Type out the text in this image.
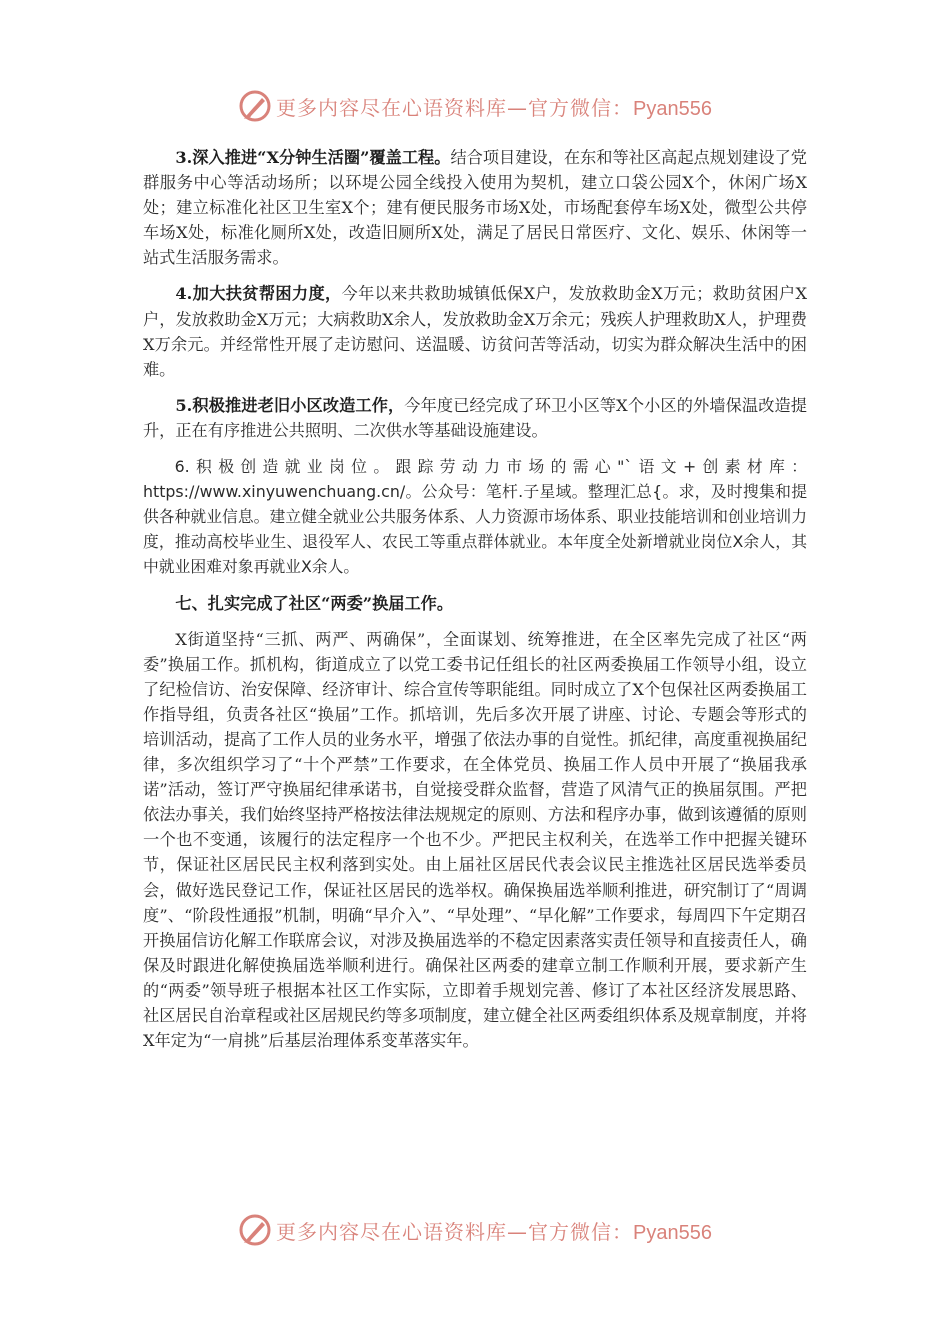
更多内容尽在心语资料库—官方微信：Pyan556

3.深入推进“X分钟生活圈”覆盖工程。结合项目建设，在东和等社区高起点规划建设了党群服务中心等活动场所；以环堤公园全线投入使用为契机，建立口袋公园X个，休闲广场X处；建立标准化社区卫生室X个；建有便民服务市场X处，市场配套停车场X处，微型公共停车场X处，标准化厕所X处，改造旧厕所X处，满足了居民日常医疗、文化、娱乐、休闲等一站式生活服务需求。

4.加大扶贫帮困力度，今年以来共救助城镇低保X户，发放救助金X万元；救助贫困户X户，发放救助金X万元；大病救助X余人，发放救助金X万余元；残疾人护理救助X人，护理费X万余元。并经常性开展了走访慰问、送温暖、访贫问苦等活动，切实为群众解决生活中的困难。

5.积极推进老旧小区改造工作，今年度已经完成了环卫小区等X个小区的外墙保温改造提升，正在有序推进公共照明、二次供水等基础设施建设。

6.积极创造就业岗位。跟踪劳动力市场的需心"`语文+创素材库：https://www.xinyuwenchuang.cn/。公众号：笔杆.子星域。整理汇总{。求，及时搜集和提供各种就业信息。建立健全就业公共服务体系、人力资源市场体系、职业技能培训和创业培训力度，推动高校毕业生、退役军人、农民工等重点群体就业。本年度全处新增就业岗位X余人，其中就业困难对象再就业X余人。

七、扎实完成了社区“两委”换届工作。

X街道坚持“三抓、两严、两确保”，全面谋划、统筹推进，在全区率先完成了社区“两委”换届工作。抓机构，街道成立了以党工委书记任组长的社区两委换届工作领导小组，设立了纪检信访、治安保障、经济审计、综合宣传等职能组。同时成立了X个包保社区两委换届工作指导组，负责各社区“换届”工作。抓培训，先后多次开展了讲座、讨论、专题会等形式的培训活动，提高了工作人员的业务水平，增强了依法办事的自觉性。抓纪律，高度重视换届纪律，多次组织学习了“十个严禁”工作要求，在全体党员、换届工作人员中开展了“换届我承诺”活动，签订严守换届纪律承诺书，自觉接受群众监督，营造了风清气正的换届氛围。严把依法办事关，我们始终坚持严格按法律法规规定的原则、方法和程序办事，做到该遵循的原则一个也不变通，该履行的法定程序一个也不少。严把民主权利关，在选举工作中把握关键环节，保证社区居民民主权利落到实处。由上届社区居民代表会议民主推选社区居民选举委员会，做好选民登记工作，保证社区居民的选举权。确保换届选举顺利推进，研究制订了“周调度”、“阶段性通报”机制，明确“早介入”、“早处理”、“早化解”工作要求，每周四下午定期召开换届信访化解工作联席会议，对涉及换届选举的不稳定因素落实责任领导和直接责任人，确保及时跟进化解使换届选举顺利进行。确保社区两委的建章立制工作顺利开展，要求新产生的“两委”领导班子根据本社区工作实际，立即着手规划完善、修订了本社区经济发展思路、社区居民自治章程或社区居规民约等多项制度，建立健全社区两委组织体系及规章制度，并将X年定为“一肩挑”后基层治理体系变革落实年。

更多内容尽在心语资料库—官方微信：Pyan556
